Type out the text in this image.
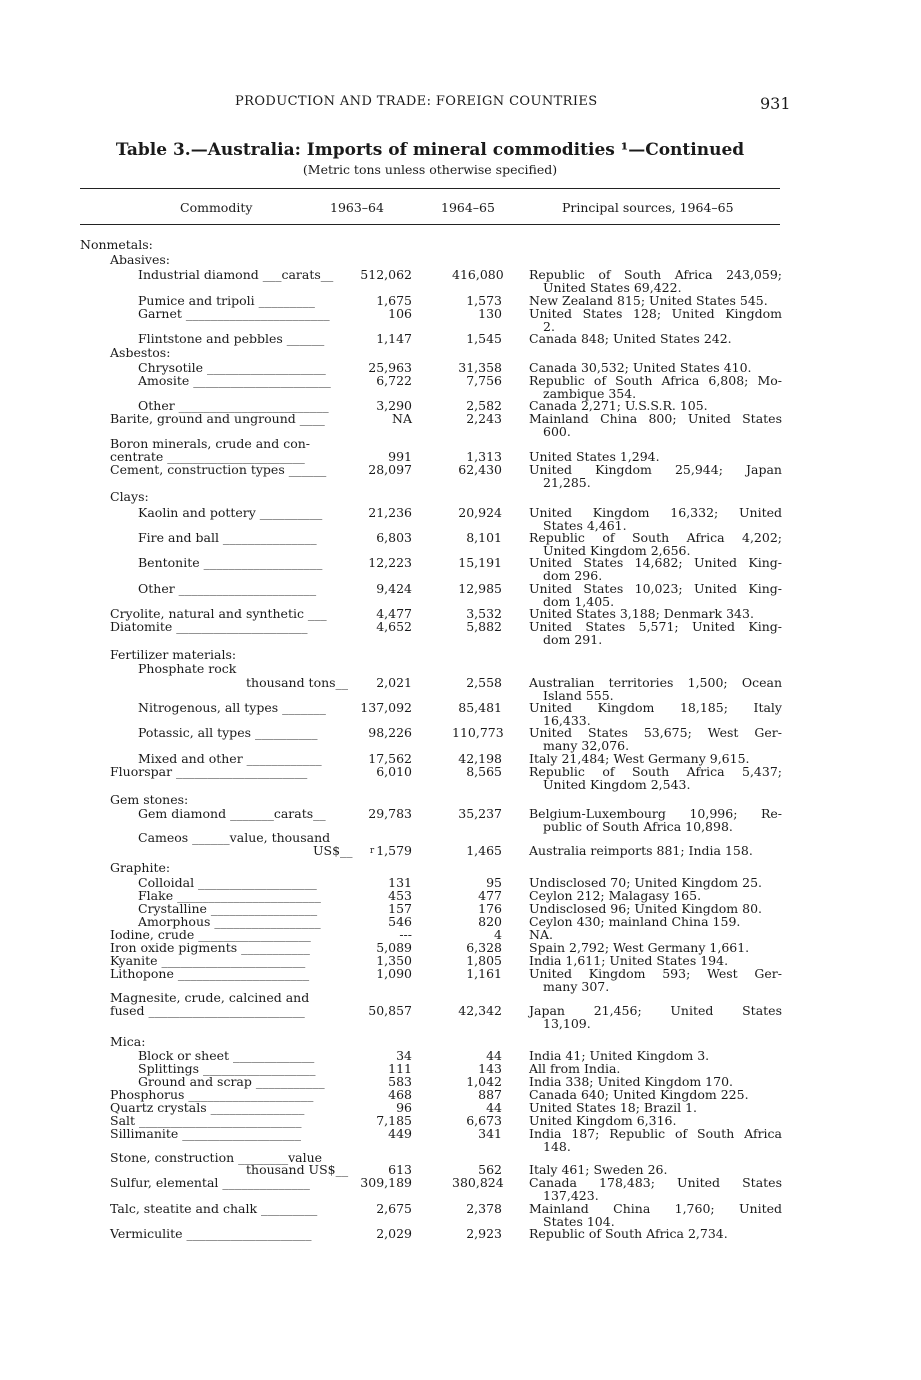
PRODUCTION AND TRADE: FOREIGN COUNTRIES	931
Table 3.—Australia: Imports of mineral commodities ¹—Continued
(Metric tons unless otherwise specified)
Commodity	1963–64	1964–65	Principal sources, 1964–65
Nonmetals:
Abasives:
Industrial diamond ___carats__	512,062	416,080 Republic of South Africa 243,059;
United States 69,422.
Pumice and tripoli _________	1,675	1,573 New Zealand 815; United States 545.
Garnet _______________________	106	130 United States 128; United Kingdom
2.
Flintstone and pebbles ______	1,147	1,545 Canada 848; United States 242.
Asbestos:
Chrysotile ___________________	25,963	31,358 Canada 30,532; United States 410.
Amosite ______________________	6,722	7,756 Republic of South Africa 6,808; Mo-
zambique 354.
Other ________________________	3,290	2,582 Canada 2,271; U.S.S.R. 105.
Barite, ground and unground ____	NA	2,243 Mainland China 800; United States
600.
Boron minerals, crude and con-
centrate ______________________	991	1,313 United States 1,294.
Cement, construction types ______	28,097	62,430 United Kingdom 25,944; Japan
21,285.
Clays:
Kaolin and pottery __________	21,236	20,924 United Kingdom 16,332; United
States 4,461.
Fire and ball _______________	6,803	8,101 Republic of South Africa 4,202;
United Kingdom 2,656.
Bentonite ___________________	12,223	15,191 United States 14,682; United King-
dom 296.
Other ______________________	9,424	12,985 United States 10,023; United King-
dom 1,405.
Cryolite, natural and synthetic ___	4,477	3,532 United States 3,188; Denmark 343.
Diatomite _____________________	4,652	5,882 United States 5,571; United King-
dom 291.
Fertilizer materials:
Phosphate rock
thousand tons__	2,021	2,558 Australian territories 1,500; Ocean
Island 555.
Nitrogenous, all types _______	137,092	85,481 United Kingdom 18,185; Italy
16,433.
Potassic, all types __________	98,226	110,773 United States 53,675; West Ger-
many 32,076.
Mixed and other ____________	17,562	42,198 Italy 21,484; West Germany 9,615.
Fluorspar _____________________	6,010	8,565 Republic of South Africa 5,437;
United Kingdom 2,543.
Gem stones:
Gem diamond _______carats__	29,783	35,237 Belgium-Luxembourg 10,996; Re-
public of South Africa 10,898.
Cameos ______value, thousand
US$__	$^r$ 1,579	1,465 Australia reimports 881; India 158.
Graphite:
Colloidal ___________________	131	95 Undisclosed 70; United Kingdom 25.
Flake _______________________	453	477 Ceylon 212; Malagasy 165.
Crystalline _________________	157	176 Undisclosed 96; United Kingdom 80.
Amorphous _________________	546	820 Ceylon 430; mainland China 159.
Iodine, crude __________________	---	4 NA.
Iron oxide pigments ___________	5,089	6,328 Spain 2,792; West Germany 1,661.
Kyanite _______________________	1,350	1,805 India 1,611; United States 194.
Lithopone _____________________	1,090	1,161 United Kingdom 593; West Ger-
many 307.
Magnesite, crude, calcined and
fused _________________________	50,857	42,342 Japan 21,456; United States
13,109.
Mica:
Block or sheet _____________	34	44 India 41; United Kingdom 3.
Splittings __________________	111	143 All from India.
Ground and scrap ___________	583	1,042 India 338; United Kingdom 170.
Phosphorus ____________________	468	887 Canada 640; United Kingdom 225.
Quartz crystals _______________	96	44 United States 18; Brazil 1.
Salt __________________________	7,185	6,673 United Kingdom 6,316.
Sillimanite ___________________	449	341 India 187; Republic of South Africa
148.
Stone, construction ________value
thousand US$__	613	562 Italy 461; Sweden 26.
Sulfur, elemental ______________	309,189	380,824 Canada 178,483; United States
137,423.
Talc, steatite and chalk _________	2,675	2,378 Mainland China 1,760; United
States 104.
Vermiculite ____________________	2,029	2,923 Republic of South Africa 2,734.
